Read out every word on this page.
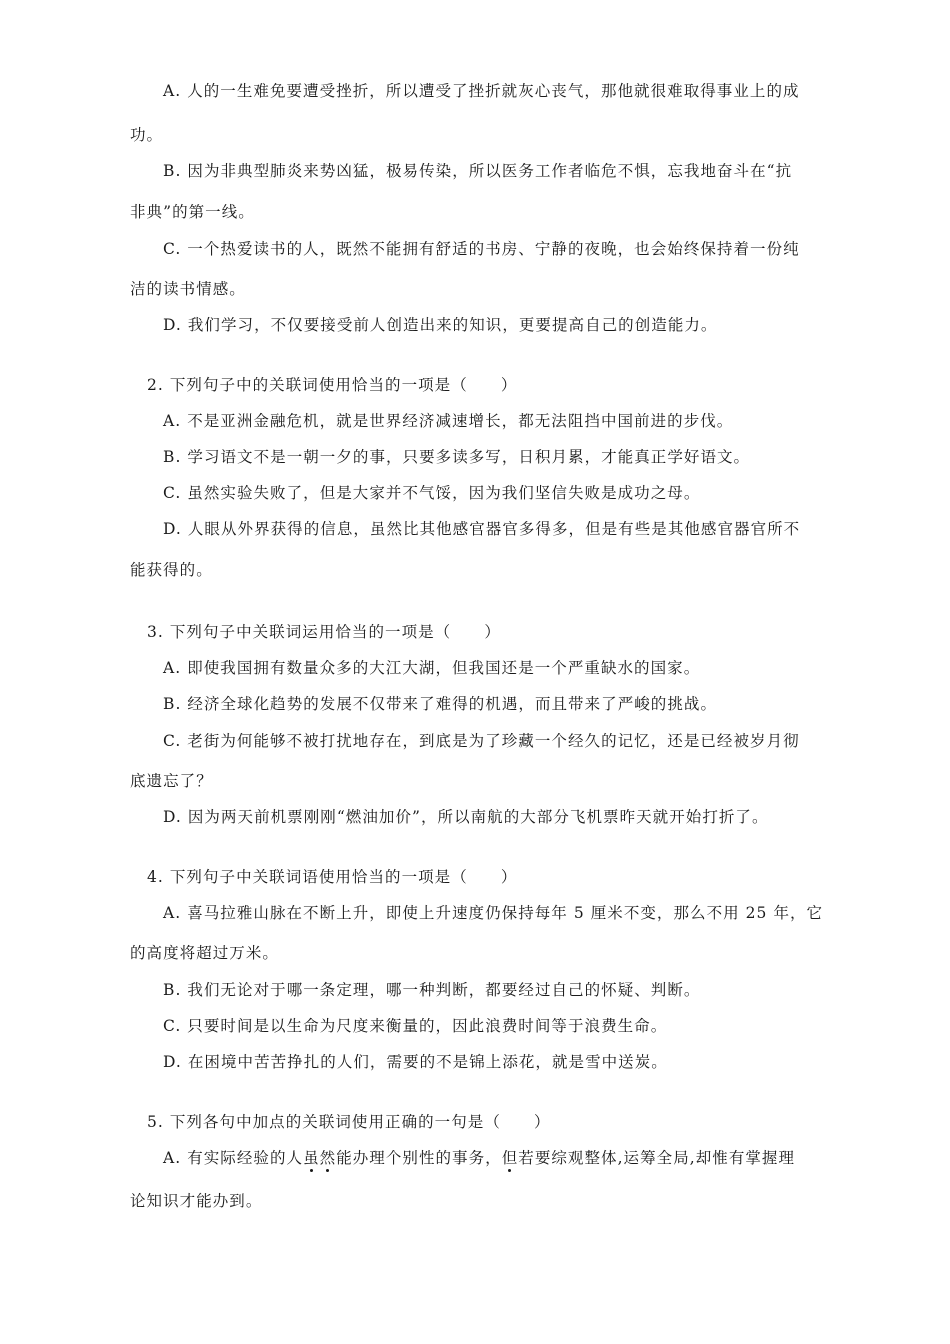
A. 人的一生难免要遭受挫折，所以遭受了挫折就灰心丧气，那他就很难取得事业上的成
功。
B. 因为非典型肺炎来势凶猛，极易传染，所以医务工作者临危不惧，忘我地奋斗在“抗
非典”的第一线。
C. 一个热爱读书的人，既然不能拥有舒适的书房、宁静的夜晚，也会始终保持着一份纯
洁的读书情感。
D. 我们学习，不仅要接受前人创造出来的知识，更要提高自己的创造能力。
2. 下列句子中的关联词使用恰当的一项是（　　）
A. 不是亚洲金融危机，就是世界经济减速增长，都无法阻挡中国前进的步伐。
B. 学习语文不是一朝一夕的事，只要多读多写，日积月累，才能真正学好语文。
C. 虽然实验失败了，但是大家并不气馁，因为我们坚信失败是成功之母。
D. 人眼从外界获得的信息，虽然比其他感官器官多得多，但是有些是其他感官器官所不
能获得的。
3. 下列句子中关联词运用恰当的一项是（　　）
A. 即使我国拥有数量众多的大江大湖，但我国还是一个严重缺水的国家。
B. 经济全球化趋势的发展不仅带来了难得的机遇，而且带来了严峻的挑战。
C. 老街为何能够不被打扰地存在，到底是为了珍藏一个经久的记忆，还是已经被岁月彻
底遗忘了？
D. 因为两天前机票刚刚“燃油加价”，所以南航的大部分飞机票昨天就开始打折了。
4. 下列句子中关联词语使用恰当的一项是（　　）
A. 喜马拉雅山脉在不断上升，即使上升速度仍保持每年 5 厘米不变，那么不用 25 年，它
的高度将超过万米。
B. 我们无论对于哪一条定理，哪一种判断，都要经过自己的怀疑、判断。
C. 只要时间是以生命为尺度来衡量的，因此浪费时间等于浪费生命。
D. 在困境中苦苦挣扎的人们，需要的不是锦上添花，就是雪中送炭。
5. 下列各句中加点的关联词使用正确的一句是（　　）
A. 有实际经验的人虽然能办理个别性的事务，但若要综观整体,运筹全局,却惟有掌握理
论知识才能办到。
